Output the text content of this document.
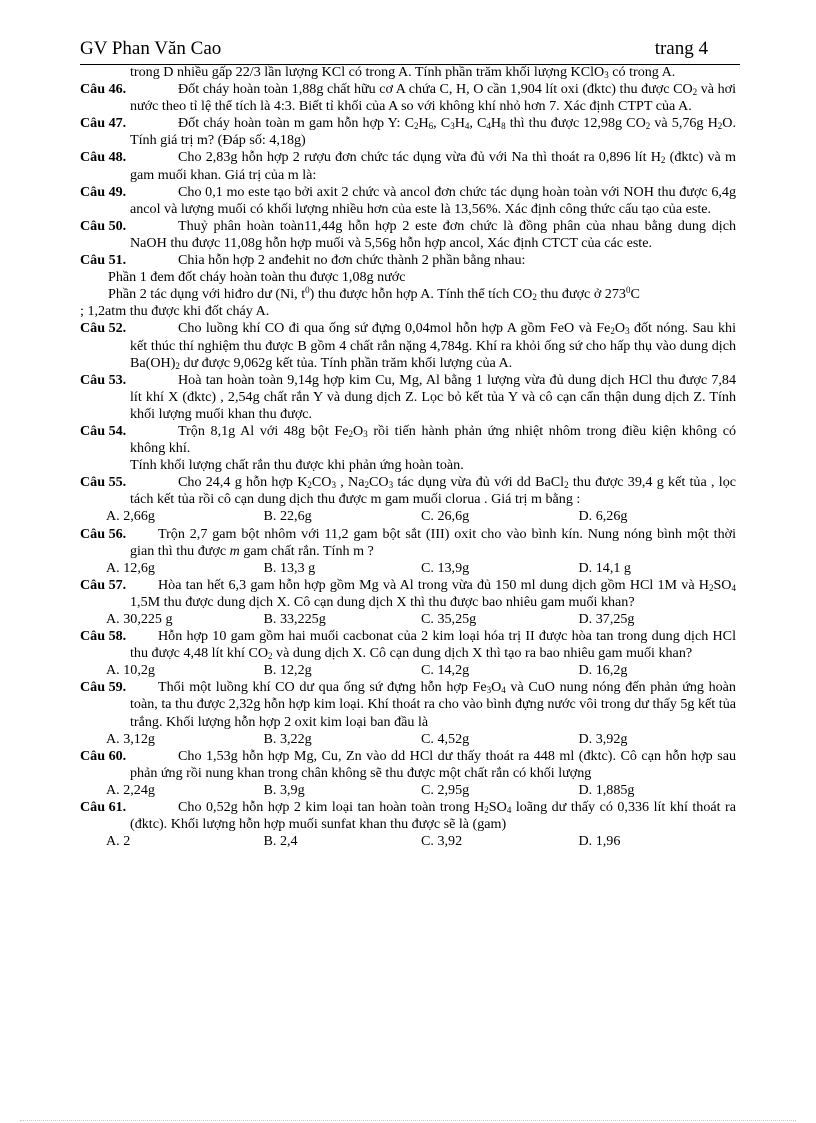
GV Phan Văn Cao	trang 4
trong D nhiều gấp 22/3 lần lượng KCl có trong A. Tính phần trăm khối lượng KClO$_3$ có trong A.
Câu 46.	Đốt cháy hoàn toàn 1,88g chất hữu cơ A chứa C, H, O cần 1,904 lít oxi (đktc) thu được $CO_2$ và hơi nước theo tỉ lệ thể tích là 4:3. Biết tỉ khối của A so với không khí nhỏ hơn 7. Xác định CTPT của A.
Câu 47.	Đốt cháy hoàn toàn m gam hỗn hợp Y: $C_2H_6$, $C_3H_4$, $C_4H_8$ thì thu được 12,98g $CO_2$ và 5,76g $H_2O$. Tính giá trị m? (Đáp số: 4,18g)
Câu 48.	Cho 2,83g hỗn hợp 2 rượu đơn chức tác dụng vừa đủ với Na thì thoát ra 0,896 lít $H_2$ (đktc) và m gam muối khan. Giá trị của m là:
Câu 49.	Cho 0,1 mo este tạo bởi axit 2 chức và ancol đơn chức tác dụng hoàn toàn với NOH thu được 6,4g ancol và lượng muối có khối lượng nhiều hơn của este là 13,56%. Xác định công thức cấu tạo của este.
Câu 50.	Thuỷ phân hoàn toàn11,44g hỗn hợp 2 este đơn chức là đồng phân của nhau bằng dung dịch NaOH thu được 11,08g hỗn hợp muối và 5,56g hỗn hợp ancol, Xác định CTCT của các este.
Câu 51.	Chia hỗn hợp 2 anđehit no đơn chức thành 2 phần bằng nhau:
Phần 1 đem đốt cháy hoàn toàn thu được 1,08g nước
Phần 2 tác dụng với hiđro dư (Ni, $t^0$) thu được hỗn hợp A. Tính thể tích $CO_2$ thu được ở $273^0C$
; 1,2atm thu được khi đốt cháy A.
Câu 52.	Cho luồng khí CO đi qua ống sứ đựng 0,04mol hỗn hợp A gồm FeO và $Fe_2O_3$ đốt nóng. Sau khi kết thúc thí nghiệm thu được B gồm 4 chất rắn nặng 4,784g. Khí ra khỏi ống sứ cho hấp thụ vào dung dịch $Ba(OH)_2$ dư được 9,062g kết tủa. Tính phần trăm khối lượng của A.
Câu 53.	Hoà tan hoàn toàn 9,14g hợp kim Cu, Mg, Al bằng 1 lượng vừa đủ dung dịch HCl thu được 7,84 lít khí X (đktc) , 2,54g chất rắn Y và dung dịch Z. Lọc bỏ kết tủa Y và cô cạn cẩn thận dung dịch Z. Tính khối lượng muối khan thu được.
Câu 54.	Trộn 8,1g Al với 48g bột $Fe_2O_3$ rồi tiến hành phản ứng nhiệt nhôm trong điều kiện không có không khí.
Tính khối lượng chất rắn thu được khi phản ứng hoàn toàn.
Câu 55.	Cho 24,4 g hỗn hợp $K_2CO_3$ , $Na_2CO_3$ tác dụng vừa đủ với dd BaCl$_2$ thu được 39,4 g kết tủa , lọc tách kết tủa rồi cô cạn dung dịch thu được m gam muối clorua . Giá trị m bằng :
A. 2,66g	B. 22,6g	C. 26,6g	D. 6,26g
Câu 56. Trộn 2,7 gam bột nhôm với 11,2 gam bột sắt (III) oxit cho vào bình kín. Nung nóng bình một thời gian thì thu được m gam chất rắn. Tính m ?
A. 12,6g	B. 13,3 g	C. 13,9g	D. 14,1 g
Câu 57. Hòa tan hết 6,3 gam hỗn hợp gồm Mg và Al trong vừa đủ 150 ml dung dịch gồm HCl 1M và $H_2SO_4$ 1,5M thu được dung dịch X. Cô cạn dung dịch X thì thu được bao nhiêu gam muối khan?
A. 30,225 g	B. 33,225g	C. 35,25g	D. 37,25g
Câu 58. Hỗn hợp 10 gam gồm hai muối cacbonat của 2 kim loại hóa trị II được hòa tan trong dung dịch HCl thu được 4,48 lít khí $CO_2$ và dung dịch X. Cô cạn dung dịch X thì tạo ra bao nhiêu gam muối khan?
A. 10,2g	B. 12,2g	C. 14,2g	D. 16,2g
Câu 59. Thổi một luồng khí CO dư qua ống sứ đựng hỗn hợp $Fe_3O_4$ và CuO nung nóng đến phản ứng hoàn toàn, ta thu được 2,32g hỗn hợp kim loại. Khí thoát ra cho vào bình đựng nước vôi trong dư thấy 5g kết tủa trắng. Khối lượng hỗn hợp 2 oxit kim loại ban đầu là
A. 3,12g	B. 3,22g	C. 4,52g	D. 3,92g
Câu 60.	Cho 1,53g hỗn hợp Mg, Cu, Zn vào dd HCl dư thấy thoát ra 448 ml (đktc). Cô cạn hỗn hợp sau phản ứng rồi nung khan trong chân không sẽ thu được một chất rắn có khối lượng
A. 2,24g	B. 3,9g	C. 2,95g	D. 1,885g
Câu 61.	Cho 0,52g hỗn hợp 2 kim loại tan hoàn toàn trong $H_2SO_4$ loãng dư thấy có 0,336 lít khí thoát ra (đktc). Khối lượng hỗn hợp muối sunfat khan thu được sẽ là (gam)
A. 2	B. 2,4	C. 3,92	D. 1,96
